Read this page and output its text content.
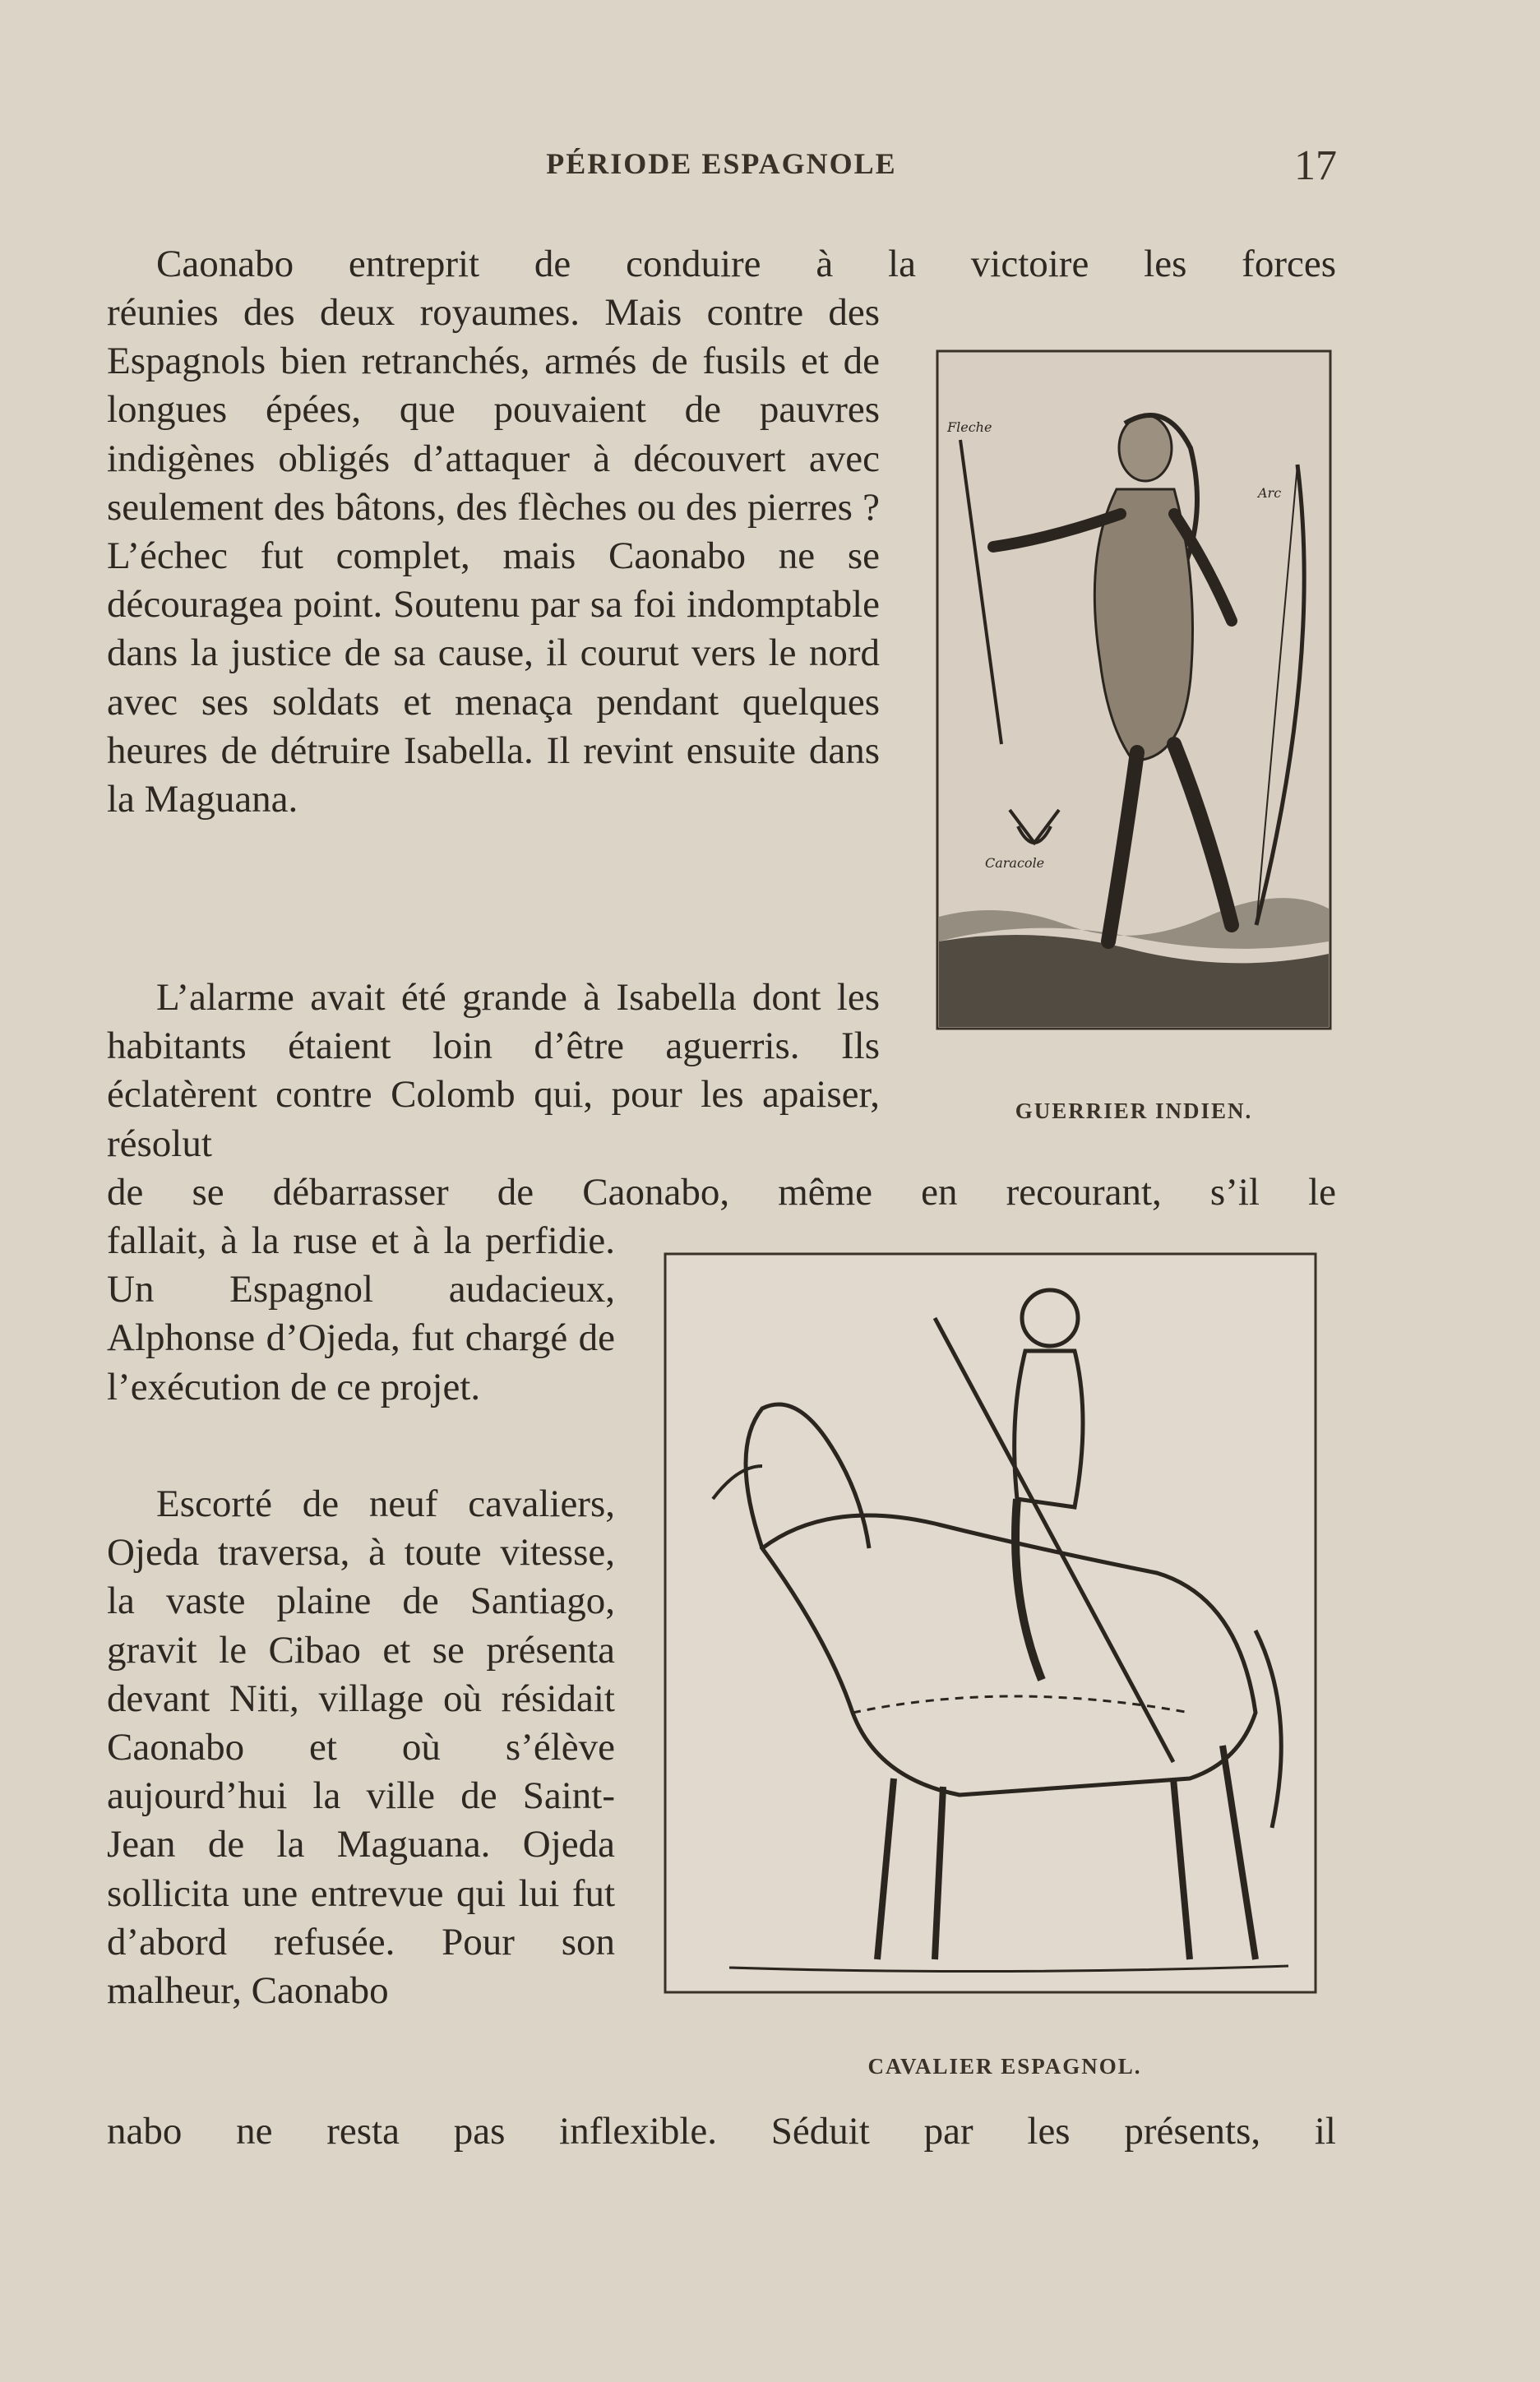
PÉRIODE ESPAGNOLE	17
Caonabo entreprit de conduire à la victoire les forces
réunies des deux royaumes. Mais contre des Espagnols bien retranchés, armés de fusils et de longues épées, que pouvaient de pauvres indigènes obligés d’attaquer à découvert avec seulement des bâtons, des flèches ou des pierres ? L’échec fut complet, mais Caonabo ne se découragea point. Soutenu par sa foi indomptable dans la justice de sa cause, il courut vers le nord avec ses soldats et menaça pendant quelques heures de détruire Isabella. Il revint ensuite dans la Maguana.
L’alarme avait été grande à Isabella dont les habitants étaient loin d’être aguerris. Ils éclatèrent contre Colomb qui, pour les apaiser, résolut
de se débarrasser de Caonabo, même en recourant, s’il le
fallait, à la ruse et à la perfidie. Un Espagnol audacieux, Alphonse d’Ojeda, fut chargé de l’exécution de ce projet.
Escorté de neuf cavaliers, Ojeda traversa, à toute vitesse, la vaste plaine de Santiago, gravit le Cibao et se présenta devant Niti, village où résidait Caonabo et où s’élève aujourd’hui la ville de Saint-Jean de la Maguana. Ojeda sollicita une entrevue qui lui fut d’abord refusée. Pour son malheur, Caonabo
nabo ne resta pas inflexible. Séduit par les présents, il
Fleche
Arc
Caracole
GUERRIER INDIEN.
CAVALIER ESPAGNOL.
